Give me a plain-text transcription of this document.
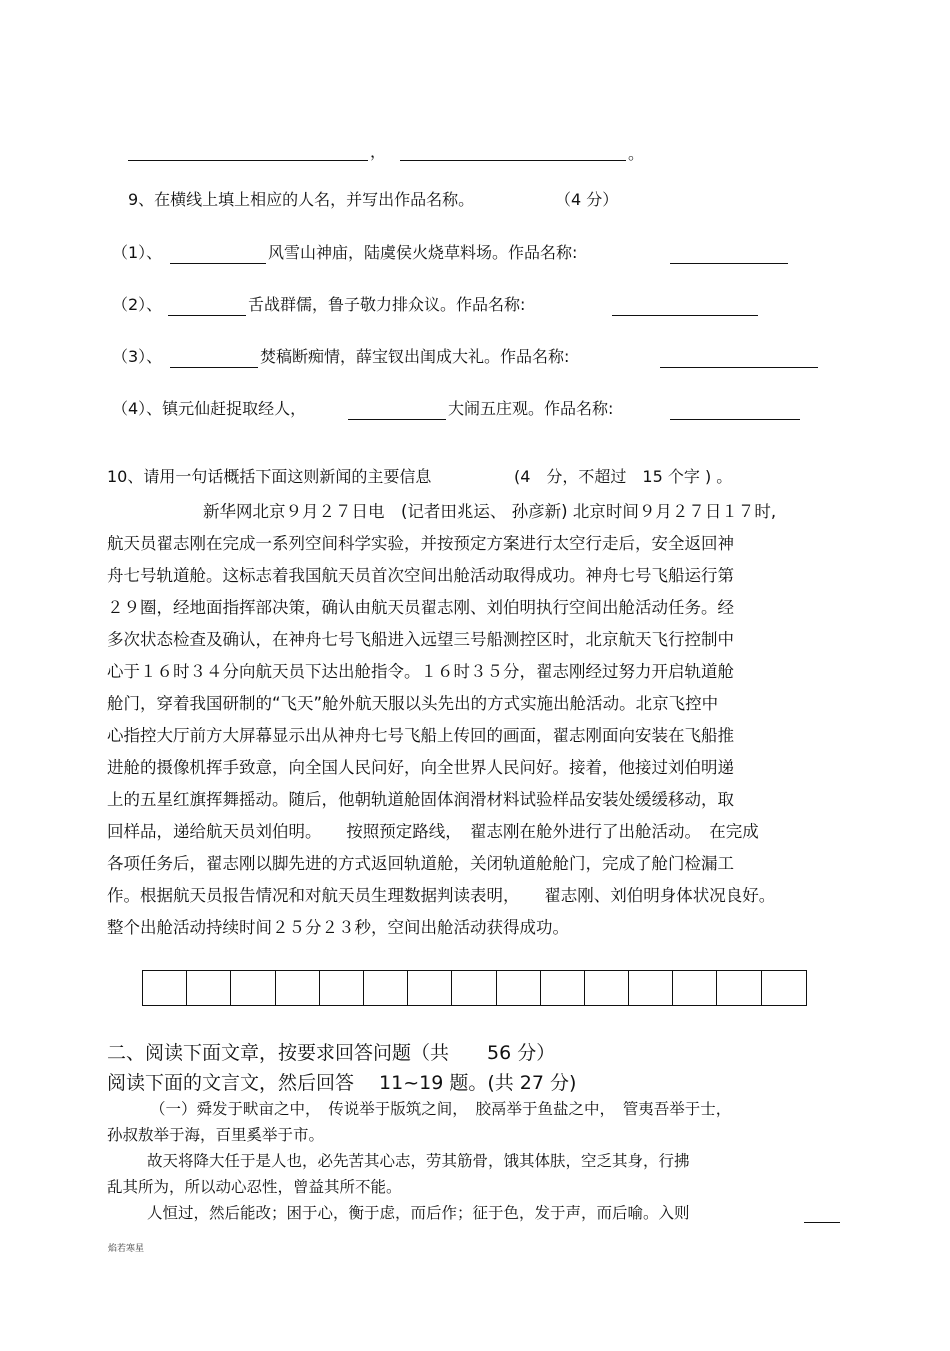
，	。
9、在横线上填上相应的人名，并写出作品名称。	（4 分）
（1）、	风雪山神庙，陆虞侯火烧草料场。作品名称:
（2）、	舌战群儒，鲁子敬力排众议。作品名称:
（3）、	焚稿断痴情，薛宝钗出闺成大礼。作品名称:
（4）、镇元仙赶捉取经人，	大闹五庄观。作品名称:
10、请用一句话概括下面这则新闻的主要信息	(4　分，不超过　15 个字 ) 。
新华网北京９月２７日电　(记者田兆运、 孙彦新) 北京时间９月２７日１７时,
航天员翟志刚在完成一系列空间科学实验，并按预定方案进行太空行走后，安全返回神
舟七号轨道舱。这标志着我国航天员首次空间出舱活动取得成功。神舟七号飞船运行第
２９圈，经地面指挥部决策，确认由航天员翟志刚、刘伯明执行空间出舱活动任务。经
多次状态检查及确认，在神舟七号飞船进入远望三号船测控区时，北京航天飞行控制中
心于１６时３４分向航天员下达出舱指令。１６时３５分，翟志刚经过努力开启轨道舱
舱门，穿着我国研制的“飞天”舱外航天服以头先出的方式实施出舱活动。北京飞控中
心指控大厅前方大屏幕显示出从神舟七号飞船上传回的画面，翟志刚面向安装在飞船推
进舱的摄像机挥手致意，向全国人民问好，向全世界人民问好。接着，他接过刘伯明递
上的五星红旗挥舞摇动。随后，他朝轨道舱固体润滑材料试验样品安装处缓缓移动，取
回样品，递给航天员刘伯明。　　按照预定路线，　翟志刚在舱外进行了出舱活动。　在完成
各项任务后，翟志刚以脚先进的方式返回轨道舱，关闭轨道舱舱门，完成了舱门检漏工
作。根据航天员报告情况和对航天员生理数据判读表明，　　翟志刚、刘伯明身体状况良好。
整个出舱活动持续时间２５分２３秒，空间出舱活动获得成功。
二、阅读下面文章，按要求回答问题（共　　56 分）
阅读下面的文言文，然后回答　 11~19 题。(共 27 分)
（一）舜发于畎亩之中，　传说举于版筑之间，　胶鬲举于鱼盐之中，　管夷吾举于士，
孙叔敖举于海，百里奚举于市。
故天将降大任于是人也，必先苦其心志，劳其筋骨，饿其体肤，空乏其身，行拂
乱其所为，所以动心忍性，曾益其所不能。
人恒过，然后能改；困于心，衡于虑，而后作；征于色，发于声，而后喻。入则
焰若寒星
